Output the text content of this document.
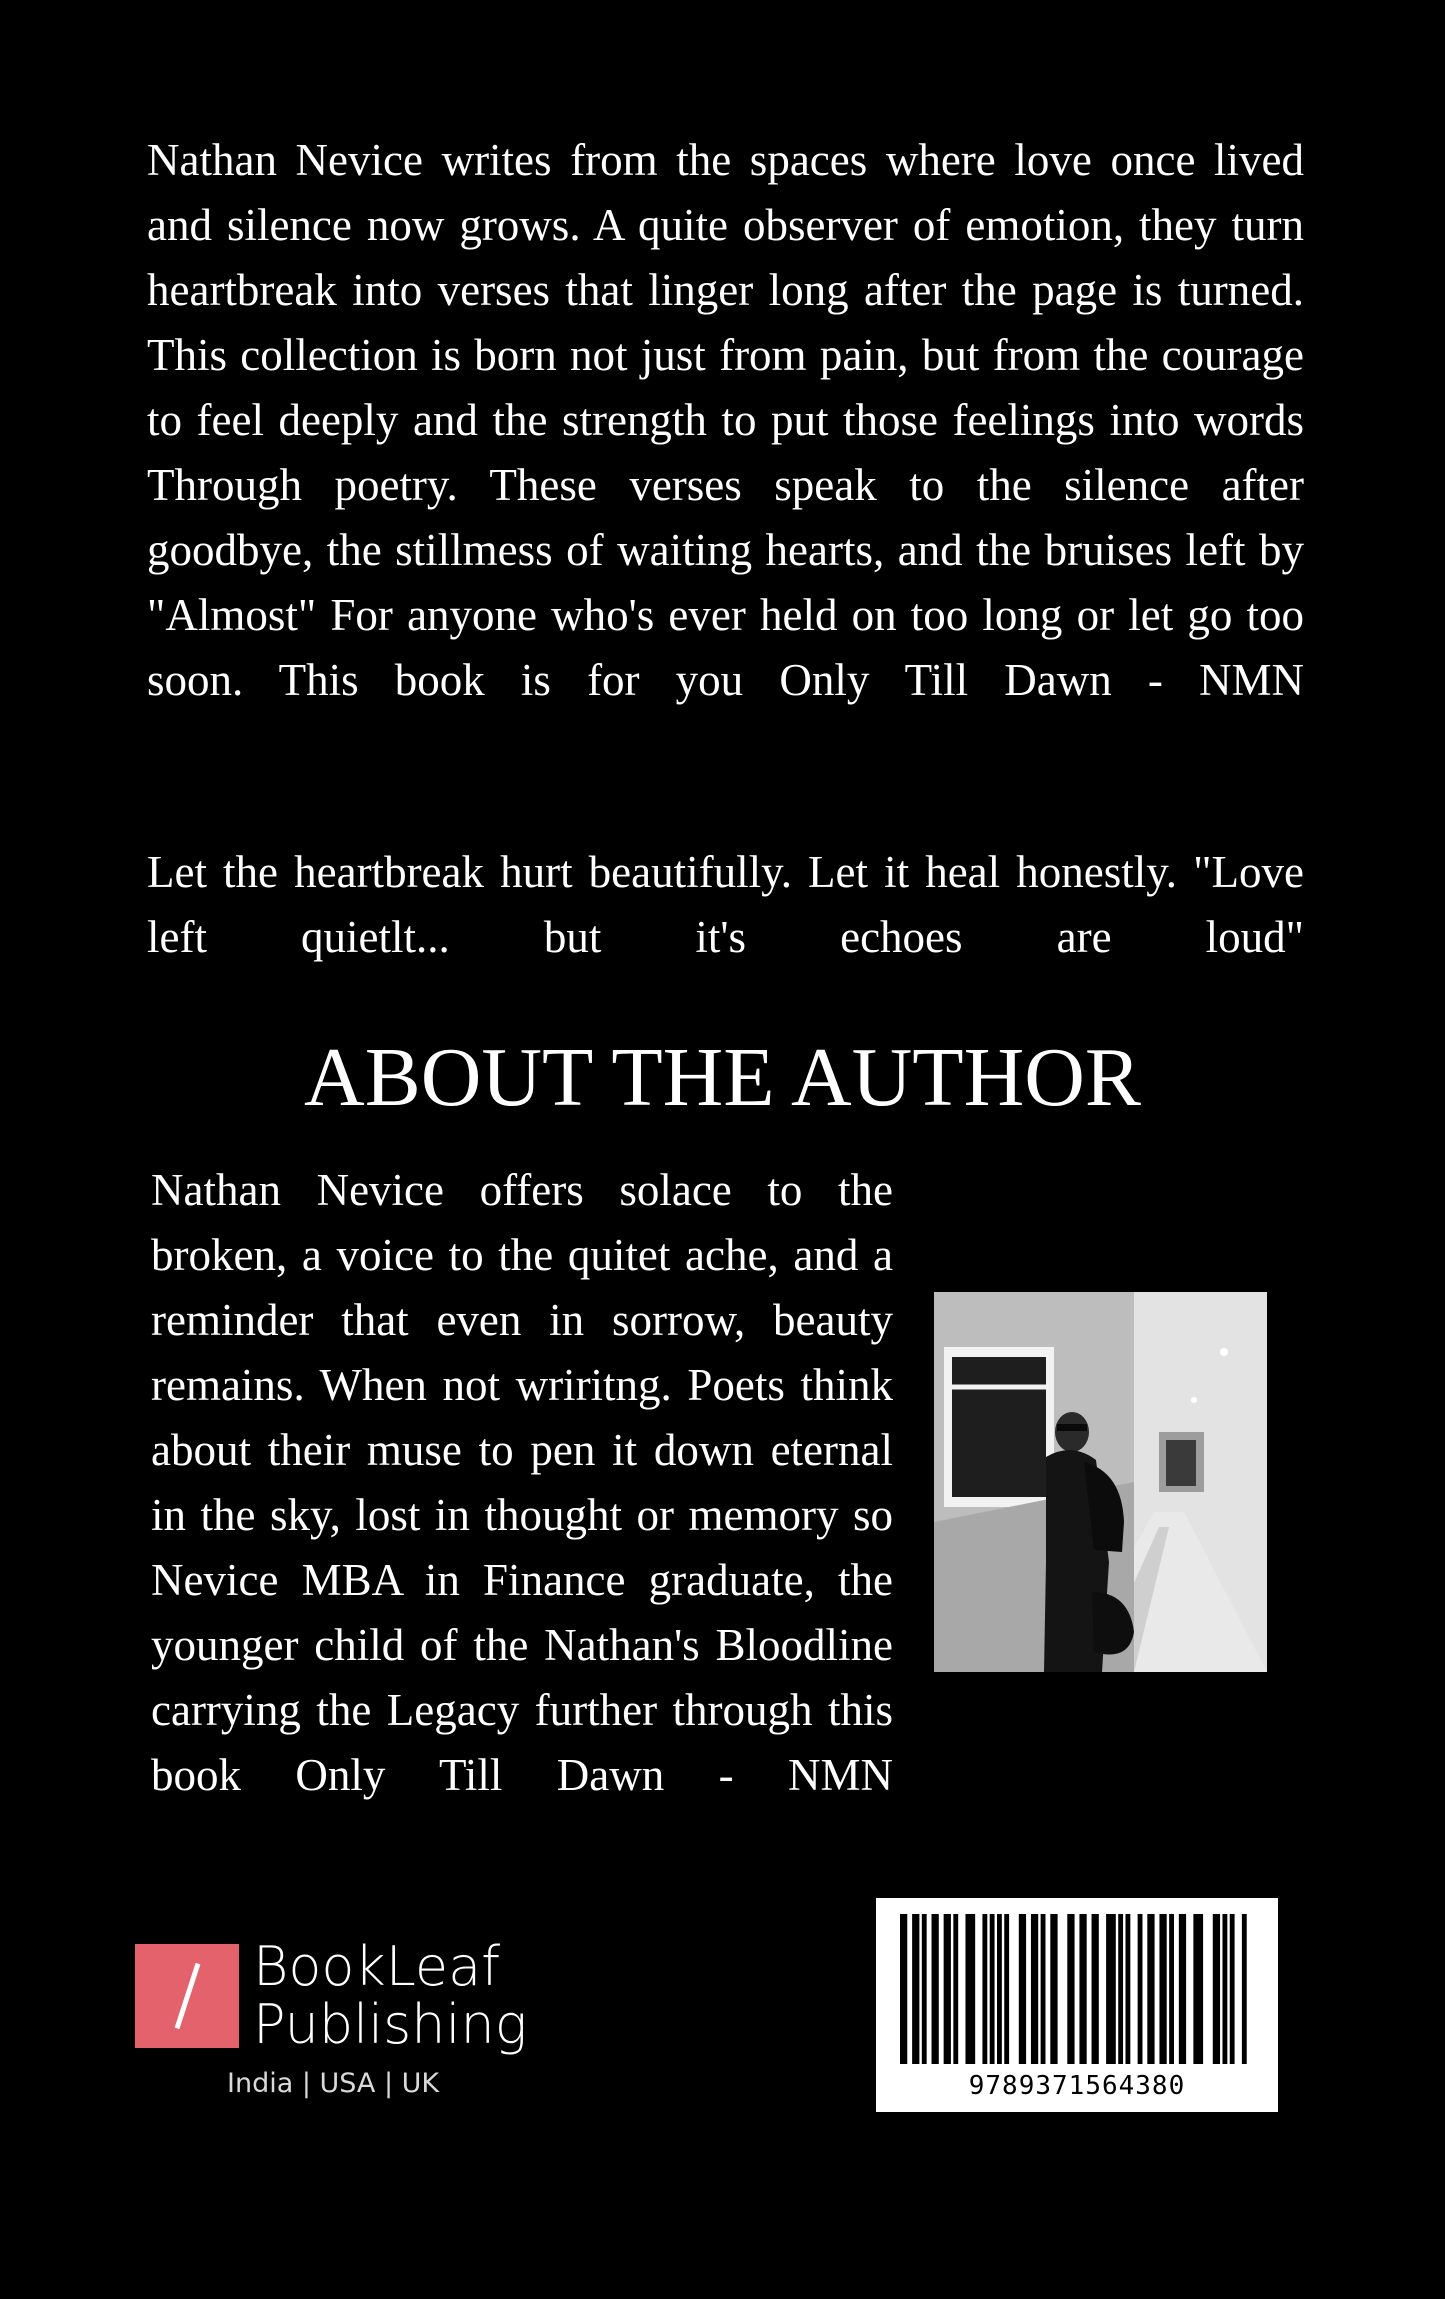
Nathan Nevice writes from the spaces where love once lived and silence now grows. A quite observer of emotion, they turn heartbreak into verses that linger long after the page is turned. This collection is born not just from pain, but from the courage to feel deeply and the strength to put those feelings into words Through poetry. These verses speak to the silence after goodbye, the stillmess of waiting hearts, and the bruises left by "Almost" For anyone who's ever held on too long or let go too soon. This book is for you Only Till Dawn - NMN

Let the heartbreak hurt beautifully. Let it heal honestly. "Love left quietlt... but it's echoes are loud"

ABOUT THE AUTHOR

Nathan Nevice offers solace to the broken, a voice to the quitet ache, and a reminder that even in sorrow, beauty remains. When not wriritng. Poets think about their muse to pen it down eternal in the sky, lost in thought or memory so Nevice MBA in Finance graduate, the younger child of the Nathan's Bloodline carrying the Legacy further through this book Only Till Dawn - NMN

BookLeaf
Publishing
India | USA | UK	9789371564380
